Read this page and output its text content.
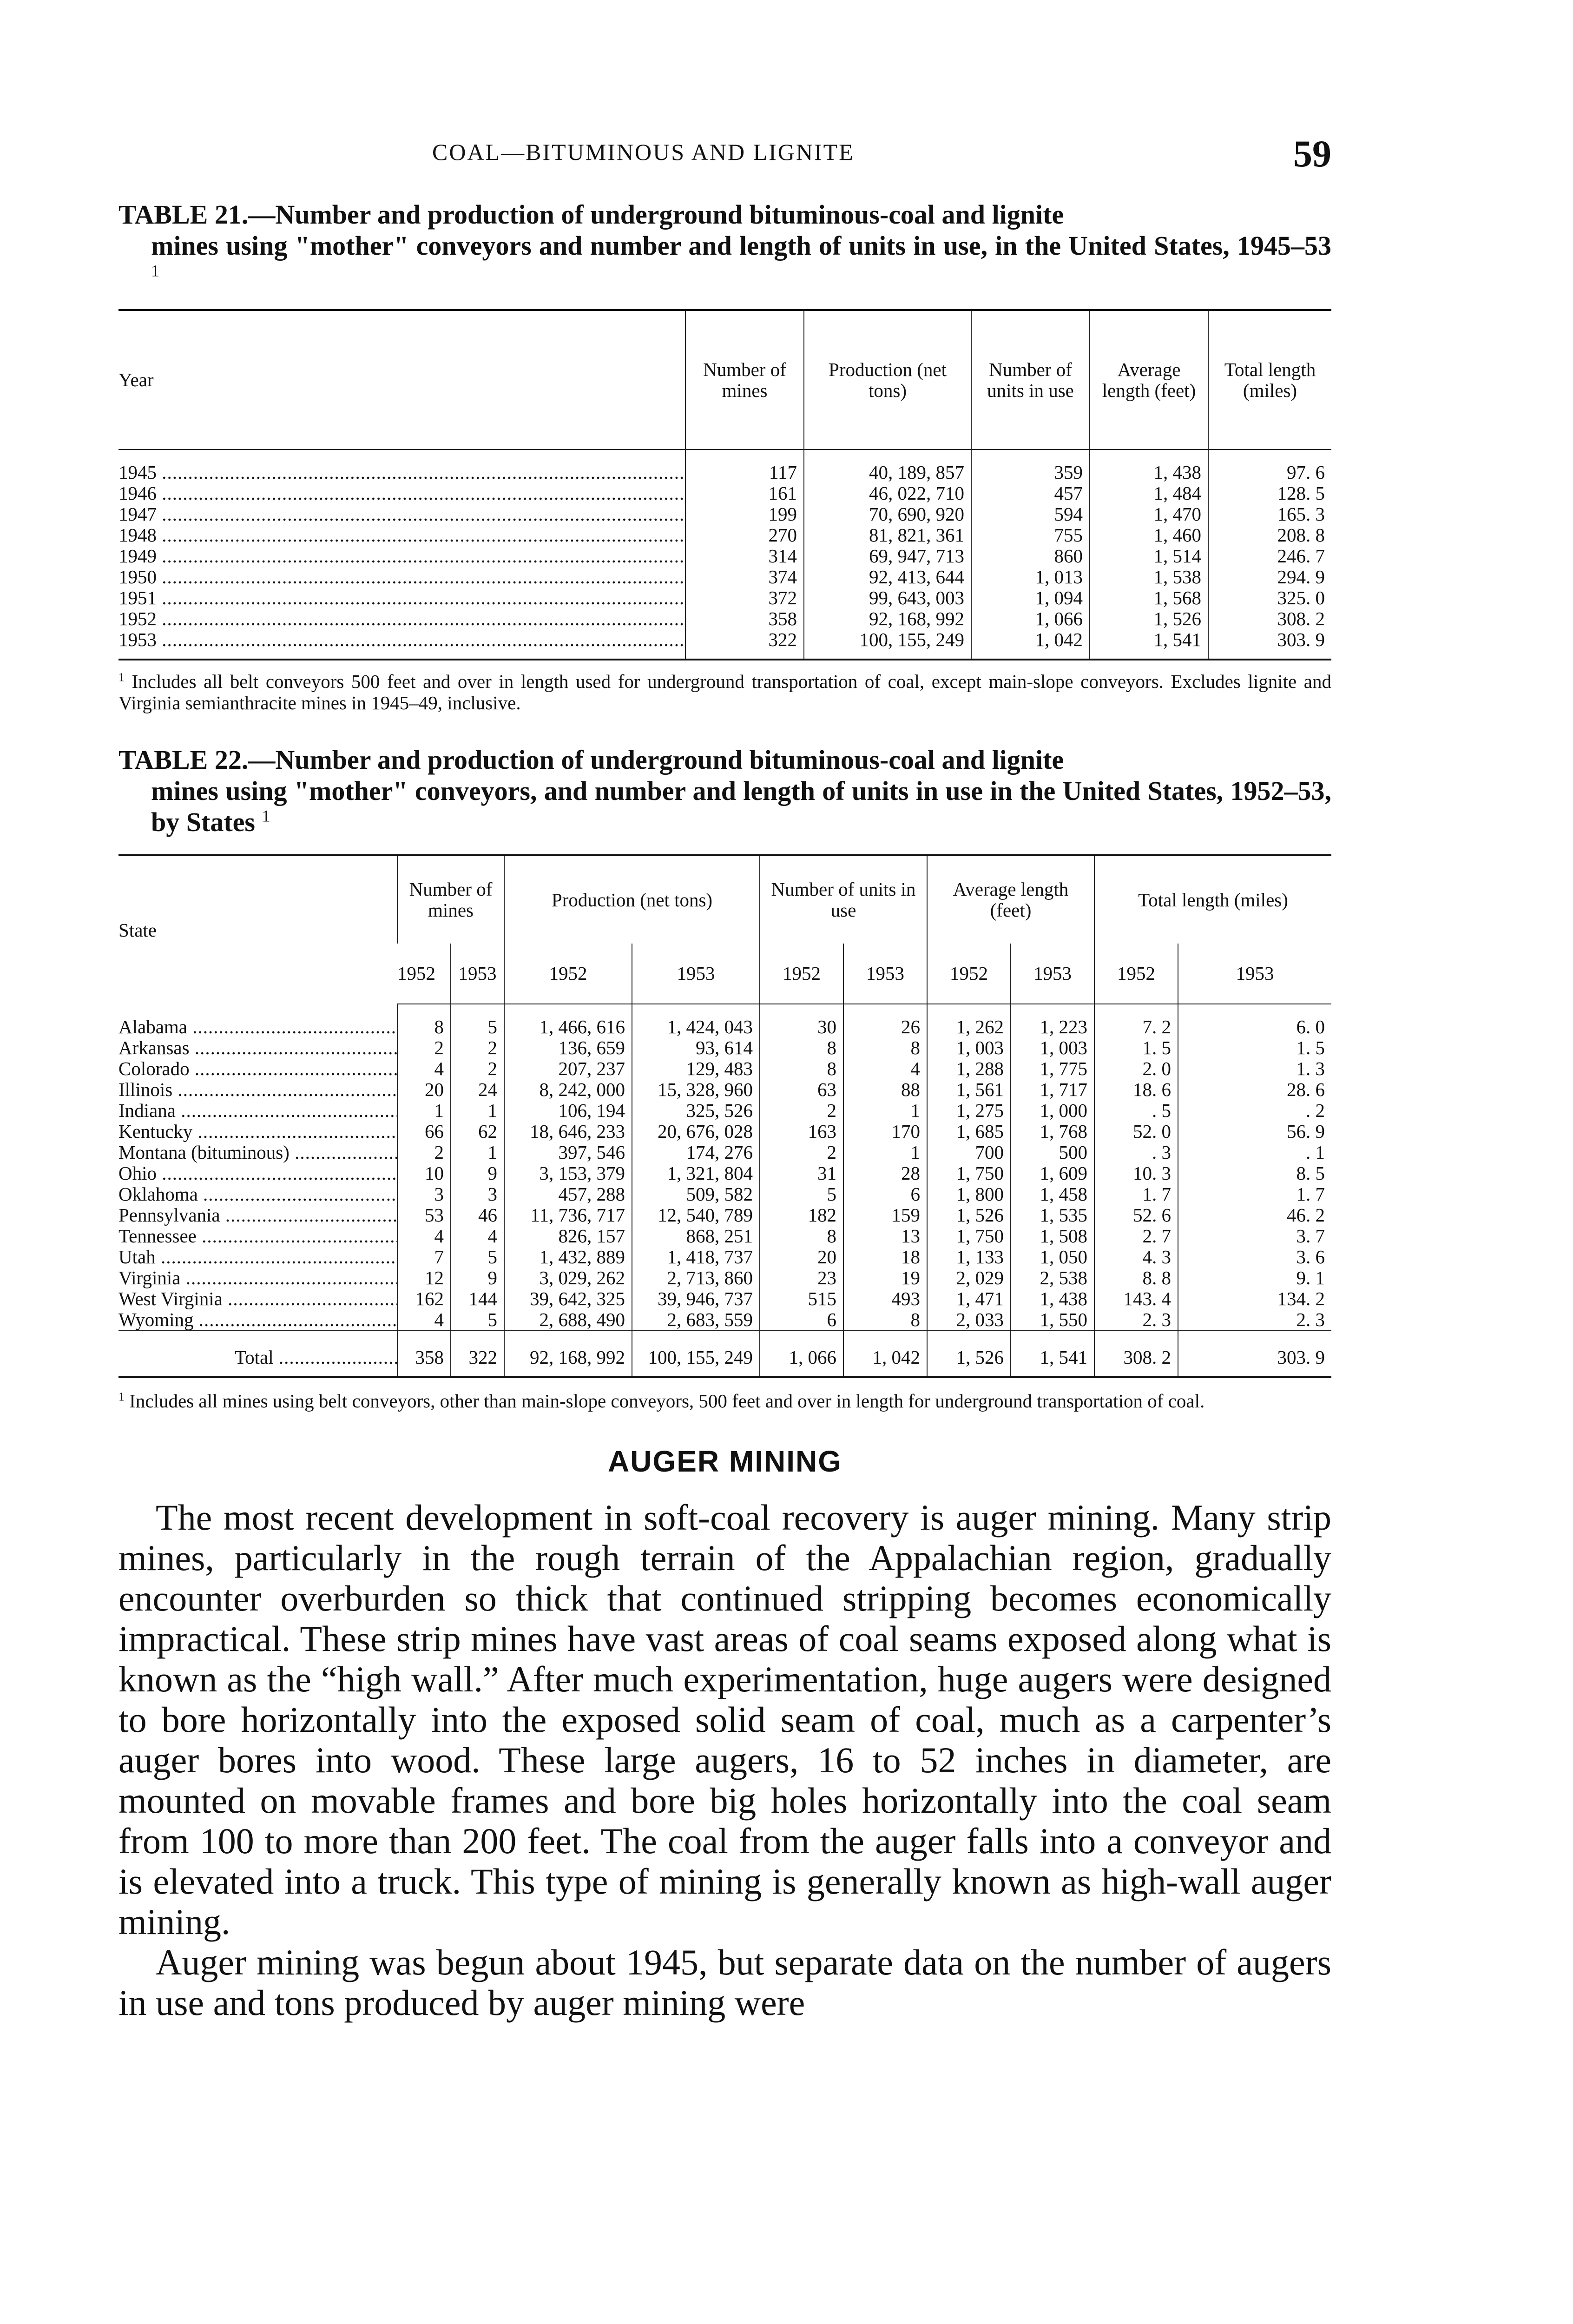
COAL—BITUMINOUS AND LIGNITE	59

TABLE 21.—Number and production of underground bituminous-coal and lignite
mines using "mother" conveyors and number and length of units in use, in the United States, 1945–53 $^1$

Year	Number of mines	Production (net tons)	Number of units in use	Average length (feet)	Total length (miles)
1945 .....	117	40, 189, 857	359	1, 438	97. 6
1946 .....	161	46, 022, 710	457	1, 484	128. 5
1947 .....	199	70, 690, 920	594	1, 470	165. 3
1948 .....	270	81, 821, 361	755	1, 460	208. 8
1949 .....	314	69, 947, 713	860	1, 514	246. 7
1950 .....	374	92, 413, 644	1, 013	1, 538	294. 9
1951 .....	372	99, 643, 003	1, 094	1, 568	325. 0
1952 .....	358	92, 168, 992	1, 066	1, 526	308. 2
1953 .....	322	100, 155, 249	1, 042	1, 541	303. 9

$^1$ Includes all belt conveyors 500 feet and over in length used for underground transportation of coal, except main-slope conveyors. Excludes lignite and Virginia semianthracite mines in 1945–49, inclusive.

TABLE 22.—Number and production of underground bituminous-coal and lignite
mines using "mother" conveyors, and number and length of units in use in the United States, 1952–53, by States $^1$

State	Number of mines		Production (net tons)		Number of units in use		Average length (feet)		Total length (miles)	
	1952	1953	1952	1953	1952	1953	1952	1953	1952	1953
Alabama .....	8	5	1, 466, 616	1, 424, 043	30	26	1, 262	1, 223	7. 2	6. 0
Arkansas .....	2	2	136, 659	93, 614	8	8	1, 003	1, 003	1. 5	1. 5
Colorado .....	4	2	207, 237	129, 483	8	4	1, 288	1, 775	2. 0	1. 3
Illinois .....	20	24	8, 242, 000	15, 328, 960	63	88	1, 561	1, 717	18. 6	28. 6
Indiana .....	1	1	106, 194	325, 526	2	1	1, 275	1, 000	. 5	. 2
Kentucky .....	66	62	18, 646, 233	20, 676, 028	163	170	1, 685	1, 768	52. 0	56. 9
Montana (bituminous) .....	2	1	397, 546	174, 276	2	1	700	500	. 3	. 1
Ohio .....	10	9	3, 153, 379	1, 321, 804	31	28	1, 750	1, 609	10. 3	8. 5
Oklahoma .....	3	3	457, 288	509, 582	5	6	1, 800	1, 458	1. 7	1. 7
Pennsylvania .....	53	46	11, 736, 717	12, 540, 789	182	159	1, 526	1, 535	52. 6	46. 2
Tennessee .....	4	4	826, 157	868, 251	8	13	1, 750	1, 508	2. 7	3. 7
Utah .....	7	5	1, 432, 889	1, 418, 737	20	18	1, 133	1, 050	4. 3	3. 6
Virginia .....	12	9	3, 029, 262	2, 713, 860	23	19	2, 029	2, 538	8. 8	9. 1
West Virginia .....	162	144	39, 642, 325	39, 946, 737	515	493	1, 471	1, 438	143. 4	134. 2
Wyoming .....	4	5	2, 688, 490	2, 683, 559	6	8	2, 033	1, 550	2. 3	2. 3
Total .....	358	322	92, 168, 992	100, 155, 249	1, 066	1, 042	1, 526	1, 541	308. 2	303. 9

$^1$ Includes all mines using belt conveyors, other than main-slope conveyors, 500 feet and over in length for underground transportation of coal.

AUGER MINING

The most recent development in soft-coal recovery is auger mining. Many strip mines, particularly in the rough terrain of the Appalachian region, gradually encounter overburden so thick that continued stripping becomes economically impractical. These strip mines have vast areas of coal seams exposed along what is known as the “high wall.” After much experimentation, huge augers were designed to bore horizontally into the exposed solid seam of coal, much as a carpenter’s auger bores into wood. These large augers, 16 to 52 inches in diameter, are mounted on movable frames and bore big holes horizontally into the coal seam from 100 to more than 200 feet. The coal from the auger falls into a conveyor and is elevated into a truck. This type of mining is generally known as high-wall auger mining.

Auger mining was begun about 1945, but separate data on the number of augers in use and tons produced by auger mining were
